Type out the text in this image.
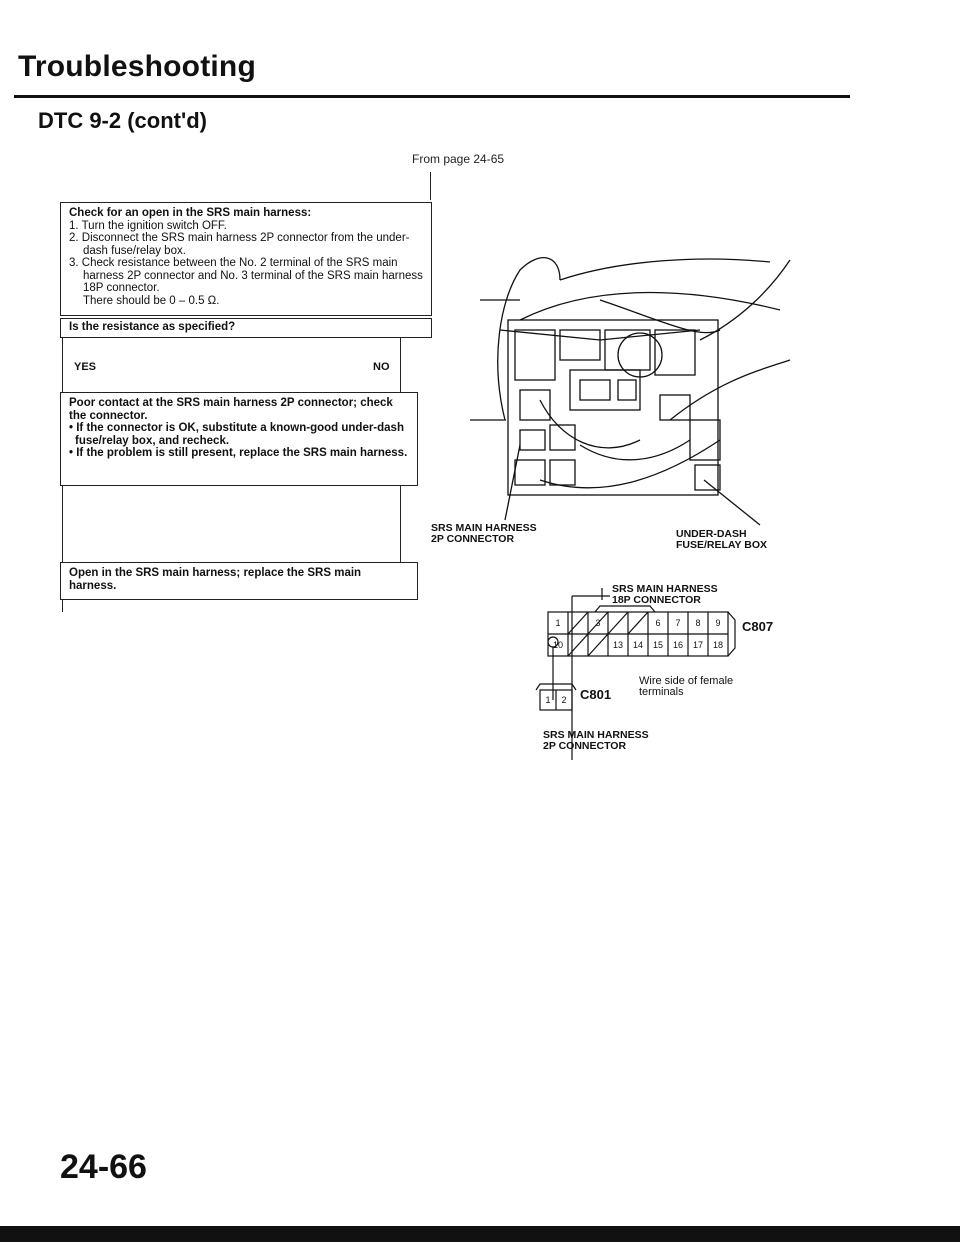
Troubleshooting
DTC 9-2 (cont'd)
From page 24-65
Check for an open in the SRS main harness:
1. Turn the ignition switch OFF.
2. Disconnect the SRS main harness 2P connector from the under-dash fuse/relay box.
3. Check resistance between the No. 2 terminal of the SRS main harness 2P connector and No. 3 terminal of the SRS main harness 18P connector.
There should be 0 – 0.5 Ω.
Is the resistance as specified?
YES	NO
Poor contact at the SRS main harness 2P connector; check the connector.
• If the connector is OK, substitute a known-good under-dash fuse/relay box, and recheck.
• If the problem is still present, replace the SRS main harness.
Open in the SRS main harness; replace the SRS main harness.
1	3	6	7	8	9
10	13	14	15	16	17	18
1	2
SRS MAIN HARNESS
2P CONNECTOR	UNDER-DASH
FUSE/RELAY BOX
SRS MAIN HARNESS
18P CONNECTOR
C807
C801
Wire side of female
terminals
SRS MAIN HARNESS
2P CONNECTOR
24-66
carmanualsonline.info
